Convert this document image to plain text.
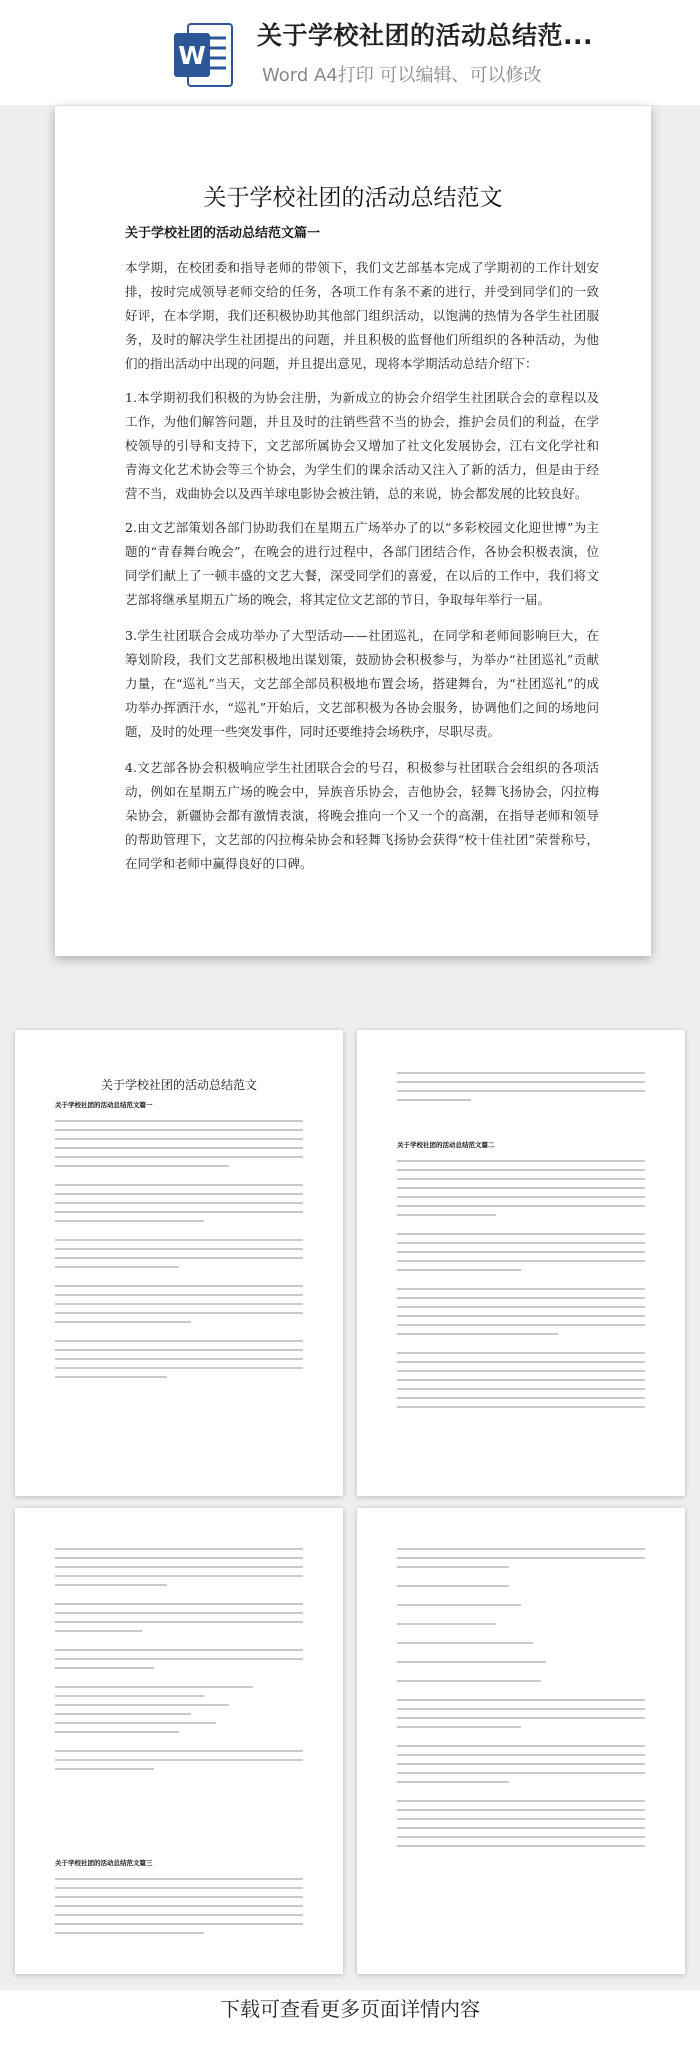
W
关于学校社团的活动总结范...
Word A4打印 可以编辑、可以修改
关于学校社团的活动总结范文
关于学校社团的活动总结范文篇一

本学期，在校团委和指导老师的带领下，我们文艺部基本完成了学期初的工作计划安排，按时完成领导老师交给的任务，各项工作有条不紊的进行，并受到同学们的一致好评，在本学期，我们还积极协助其他部门组织活动，以饱满的热情为各学生社团服务，及时的解决学生社团提出的问题，并且积极的监督他们所组织的各种活动，为他们的指出活动中出现的问题，并且提出意见，现将本学期活动总结介绍下：

1.本学期初我们积极的为协会注册，为新成立的协会介绍学生社团联合会的章程以及工作，为他们解答问题，并且及时的注销些营不当的协会，推护会员们的利益，在学校领导的引导和支持下，文艺部所属协会又增加了社文化发展协会，江右文化学社和青海文化艺术协会等三个协会，为学生们的课余活动又注入了新的活力，但是由于经营不当，戏曲协会以及西羊球电影协会被注销，总的来说，协会都发展的比较良好。

2.由文艺部策划各部门协助我们在星期五广场举办了的以“多彩校园文化迎世博”为主题的“青春舞台晚会”，在晚会的进行过程中，各部门团结合作，各协会积极表演，位同学们献上了一顿丰盛的文艺大餐，深受同学们的喜爱，在以后的工作中，我们将文艺部将继承星期五广场的晚会，将其定位文艺部的节日，争取每年举行一届。

3.学生社团联合会成功举办了大型活动——社团巡礼，在同学和老师间影响巨大，在筹划阶段，我们文艺部积极地出谋划策，鼓励协会积极参与，为举办“社团巡礼”贡献力量，在“巡礼”当天，文艺部全部员积极地布置会场，搭建舞台，为“社团巡礼”的成功举办挥洒汗水，“巡礼”开始后，文艺部积极为各协会服务，协调他们之间的场地问题，及时的处理一些突发事件，同时还要维持会场秩序，尽职尽责。

4.文艺部各协会积极响应学生社团联合会的号召，积极参与社团联合会组织的各项活动，例如在星期五广场的晚会中，异族音乐协会，吉他协会，轻舞飞扬协会，闪拉梅朵协会，新疆协会都有激情表演，将晚会推向一个又一个的高潮，在指导老师和领导的帮助管理下，文艺部的闪拉梅朵协会和轻舞飞扬协会获得“校十佳社团”荣誉称号，在同学和老师中赢得良好的口碑。

关于学校社团的活动总结范文
关于学校社团的活动总结范文篇一
关于学校社团的活动总结范文篇二
关于学校社团的活动总结范文篇三
下载可查看更多页面详情内容
